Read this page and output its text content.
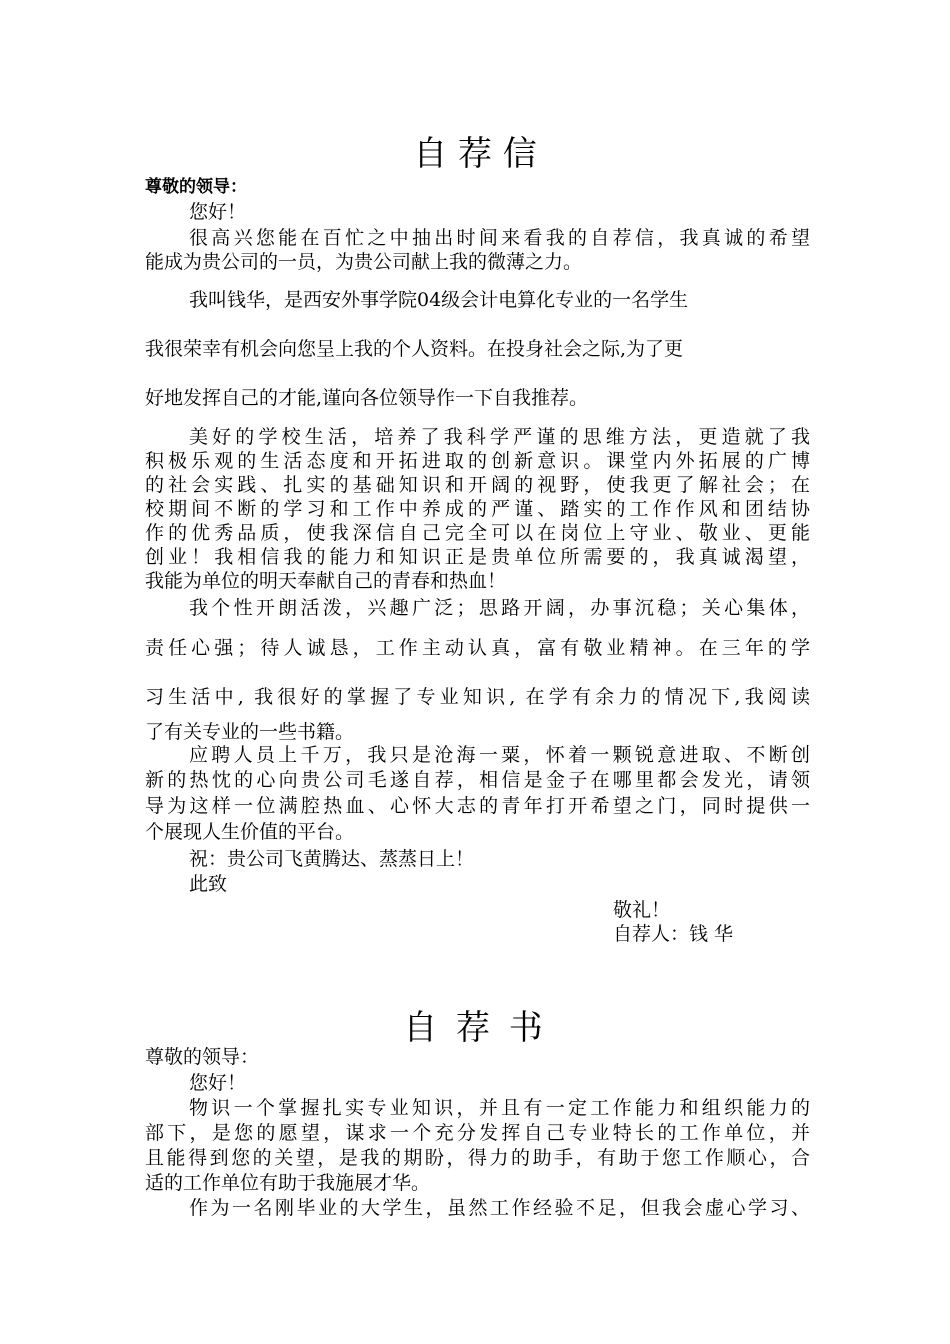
自 荐 信
尊敬的领导：
您好！
很高兴您能在百忙之中抽出时间来看我的自荐信，我真诚的希望
能成为贵公司的一员，为贵公司献上我的微薄之力。
我叫钱华，是西安外事学院04级会计电算化专业的一名学生
我很荣幸有机会向您呈上我的个人资料。在投身社会之际,为了更
好地发挥自己的才能,谨向各位领导作一下自我推荐。
美好的学校生活，培养了我科学严谨的思维方法，更造就了我
积极乐观的生活态度和开拓进取的创新意识。课堂内外拓展的广博
的社会实践、扎实的基础知识和开阔的视野，使我更了解社会；在
校期间不断的学习和工作中养成的严谨、踏实的工作作风和团结协
作的优秀品质，使我深信自己完全可以在岗位上守业、敬业、更能
创业！我相信我的能力和知识正是贵单位所需要的，我真诚渴望，
我能为单位的明天奉献自己的青春和热血！
我个性开朗活泼，兴趣广泛；思路开阔，办事沉稳；关心集体，
责任心强；待人诚恳，工作主动认真，富有敬业精神。在三年的学
习生活中, 我很好的掌握了专业知识, 在学有余力的情况下,我阅读
了有关专业的一些书籍。
应聘人员上千万，我只是沧海一粟，怀着一颗锐意进取、不断创
新的热忱的心向贵公司毛遂自荐，相信是金子在哪里都会发光，请领
导为这样一位满腔热血、心怀大志的青年打开希望之门，同时提供一
个展现人生价值的平台。
祝：贵公司飞黄腾达、蒸蒸日上！
此致
敬礼！
自荐人：钱 华
自 荐 书
尊敬的领导：
您好！
物识一个掌握扎实专业知识，并且有一定工作能力和组织能力的
部下，是您的愿望，谋求一个充分发挥自己专业特长的工作单位，并
且能得到您的关望，是我的期盼，得力的助手，有助于您工作顺心，合
适的工作单位有助于我施展才华。
作为一名刚毕业的大学生，虽然工作经验不足，但我会虚心学习、
